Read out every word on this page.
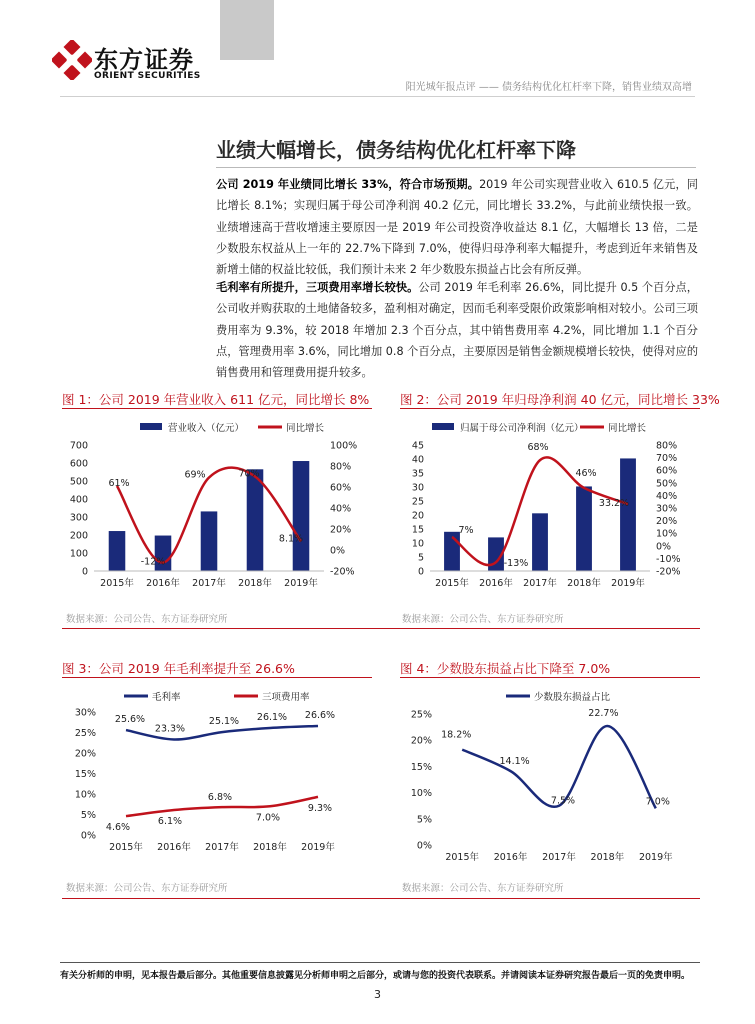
东方证券
ORIENT SECURITIES
阳光城年报点评 —— 债务结构优化杠杆率下降，销售业绩双高增
业绩大幅增长，债务结构优化杠杆率下降
公司 2019 年业绩同比增长 33%，符合市场预期。2019 年公司实现营业收入 610.5 亿元，同比增长 8.1%；实现归属于母公司净利润 40.2 亿元，同比增长 33.2%，与此前业绩快报一致。业绩增速高于营收增速主要原因一是 2019 年公司投资净收益达 8.1 亿，大幅增长 13 倍，二是少数股东权益从上一年的 22.7%下降到 7.0%，使得归母净利率大幅提升，考虑到近年来销售及新增土储的权益比较低，我们预计未来 2 年少数股东损益占比会有所反弹。
毛利率有所提升，三项费用率增长较快。公司 2019 年毛利率 26.6%，同比提升 0.5 个百分点，公司收并购获取的土地储备较多，盈利相对确定，因而毛利率受限价政策影响相对较小。公司三项费用率为 9.3%，较 2018 年增加 2.3 个百分点，其中销售费用率 4.2%，同比增加 1.1 个百分点，管理费用率 3.6%，同比增加 0.8 个百分点，主要原因是销售金额规模增长较快，使得对应的销售费用和管理费用提升较多。
图 1：公司 2019 年营业收入 611 亿元，同比增长 8% 图 2：公司 2019 年归母净利润 40 亿元，同比增长 33%
营业收入（亿元）	同比增长
0
100
200
300
400
500
600
700
-20%
0%
20%
40%
60%
80%
100%
2015年 2016年 2017年 2018年 2019年
61%
-12%
69%	70%
8.1%
归属于母公司净利润（亿元）	同比增长
0
5
10
15
20
25
30
35
40
45
-20%
-10%
0%
10%
20%
30%
40%
50%
60%
70%
80%
2015年 2016年 2017年 2018年 2019年
7%
-13%
68%
46%
33.2%
数据来源：公司公告、东方证券研究所	数据来源：公司公告、东方证券研究所
图 3：公司 2019 年毛利率提升至 26.6%	图 4：少数股东损益占比下降至 7.0%
毛利率	三项费用率
0%
5%
10%
15%
20%
25%
30%
2015年 2016年 2017年 2018年 2019年
25.6%
23.3%
25.1% 26.1% 26.6%
4.6%
6.1%
6.8%
7.0%
9.3%
少数股东损益占比
0%
5%
10%
15%
20%
25%
2015年 2016年 2017年 2018年 2019年
18.2%
14.1%
7.5%
22.7%
7.0%
数据来源：公司公告、东方证券研究所	数据来源：公司公告、东方证券研究所
有关分析师的申明，见本报告最后部分。其他重要信息披露见分析师申明之后部分，或请与您的投资代表联系。并请阅读本证券研究报告最后一页的免责申明。
3
